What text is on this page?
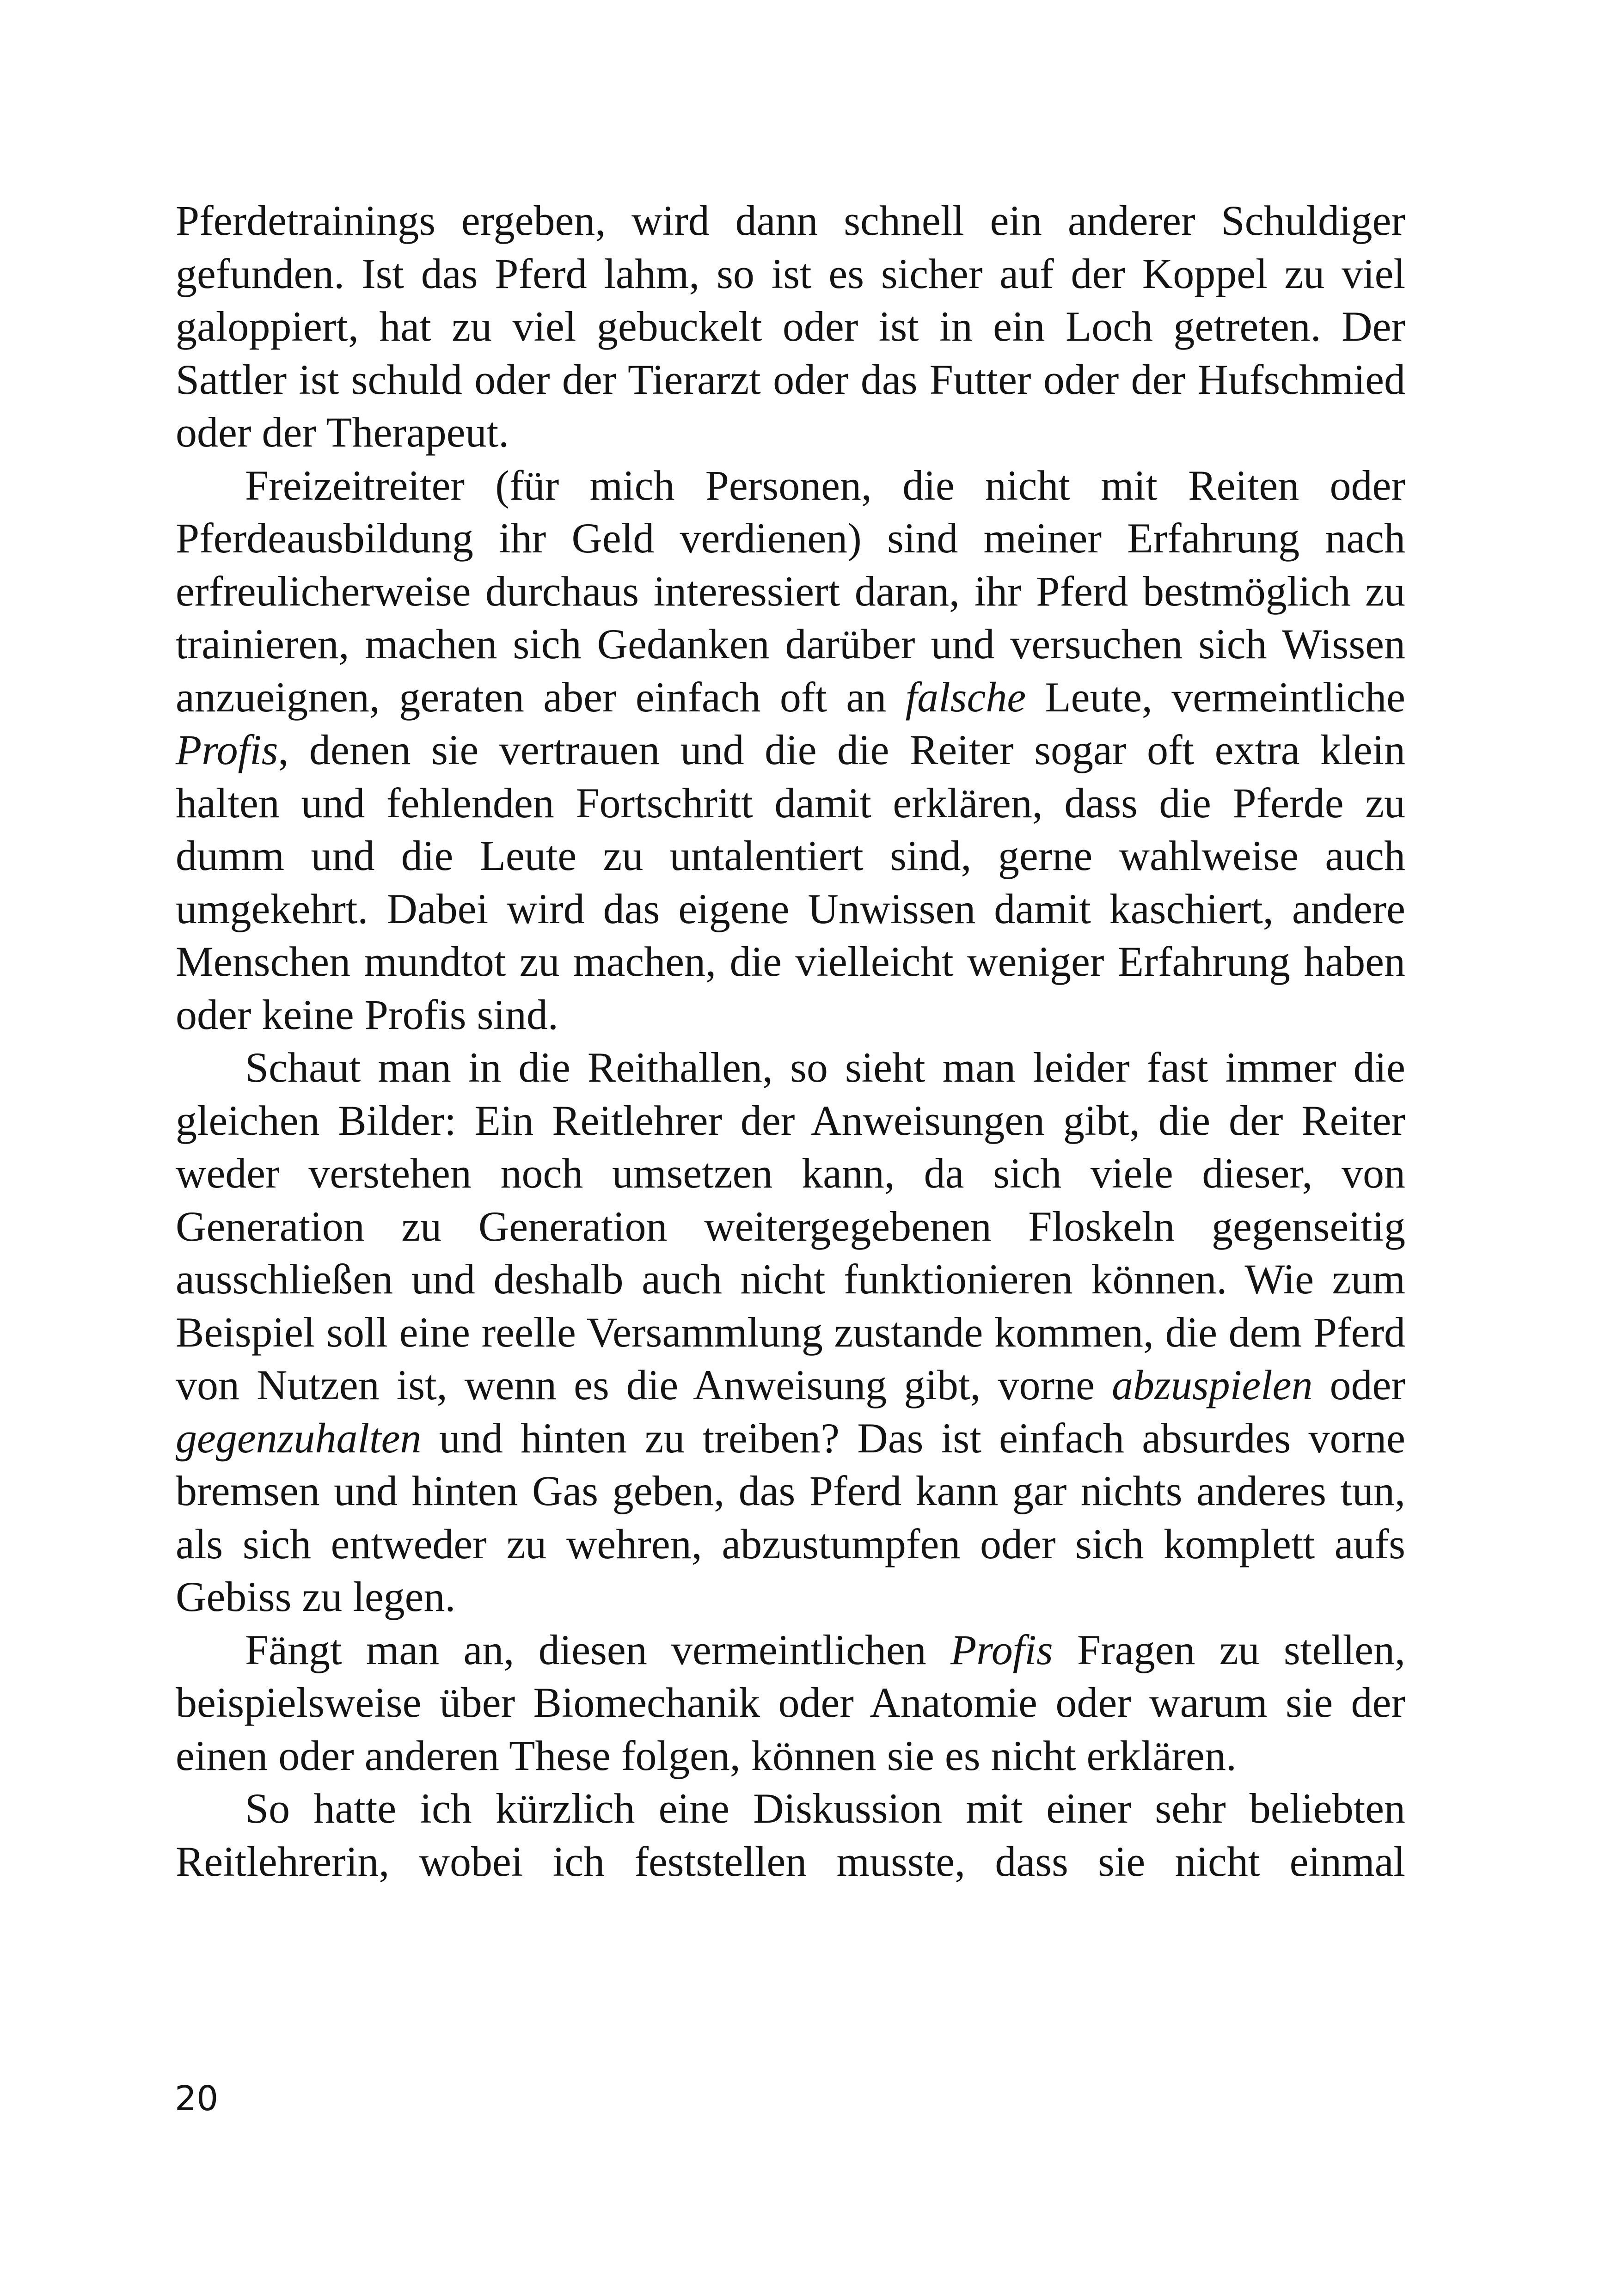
Pferdetrainings ergeben, wird dann schnell ein anderer Schuldiger gefunden. Ist das Pferd lahm, so ist es sicher auf der Koppel zu viel galoppiert, hat zu viel gebuckelt oder ist in ein Loch getreten. Der Sattler ist schuld oder der Tierarzt oder das Futter oder der Hufschmied oder der Therapeut.

Freizeitreiter (für mich Personen, die nicht mit Reiten oder Pferdeausbildung ihr Geld verdienen) sind meiner Erfahrung nach erfreulicherweise durchaus interessiert daran, ihr Pferd bestmöglich zu trainieren, machen sich Gedanken darüber und versuchen sich Wissen anzueignen, geraten aber einfach oft an falsche Leute, vermeintliche Profis, denen sie vertrauen und die die Reiter sogar oft extra klein halten und fehlenden Fortschritt damit erklären, dass die Pferde zu dumm und die Leute zu untalentiert sind, gerne wahlweise auch umgekehrt. Dabei wird das eigene Unwissen damit kaschiert, andere Menschen mundtot zu machen, die vielleicht weniger Erfahrung haben oder keine Profis sind.

Schaut man in die Reithallen, so sieht man leider fast immer die gleichen Bilder: Ein Reitlehrer der Anweisungen gibt, die der Reiter weder verstehen noch umsetzen kann, da sich viele dieser, von Generation zu Generation weitergegebenen Floskeln gegenseitig ausschließen und deshalb auch nicht funktionieren können. Wie zum Beispiel soll eine reelle Versammlung zustande kommen, die dem Pferd von Nutzen ist, wenn es die Anweisung gibt, vorne abzuspielen oder gegenzuhalten und hinten zu treiben? Das ist einfach absurdes vorne bremsen und hinten Gas geben, das Pferd kann gar nichts anderes tun, als sich entweder zu wehren, abzustumpfen oder sich komplett aufs Gebiss zu legen.

Fängt man an, diesen vermeintlichen Profis Fragen zu stellen, beispielsweise über Biomechanik oder Anatomie oder warum sie der einen oder anderen These folgen, können sie es nicht erklären.

So hatte ich kürzlich eine Diskussion mit einer sehr beliebten Reitlehrerin, wobei ich feststellen musste, dass sie nicht einmal

20
